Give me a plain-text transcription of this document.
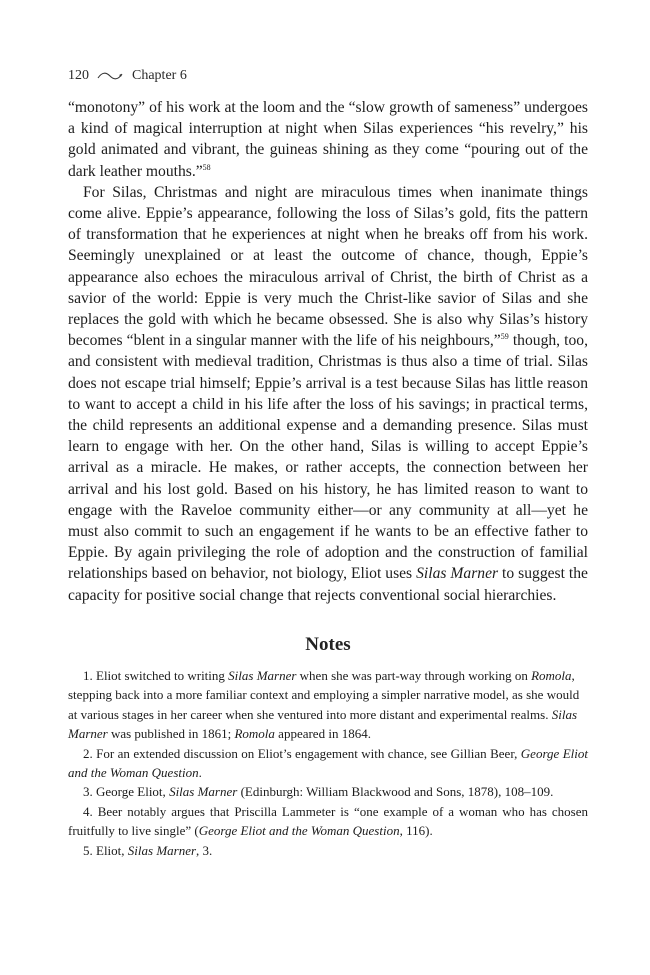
120	Chapter 6

“monotony” of his work at the loom and the “slow growth of sameness” undergoes a kind of magical interruption at night when Silas experiences “his revelry,” his gold animated and vibrant, the guineas shining as they come “pouring out of the dark leather mouths.”$^{58}$

For Silas, Christmas and night are miraculous times when inanimate things come alive. Eppie’s appearance, following the loss of Silas’s gold, fits the pattern of transformation that he experiences at night when he breaks off from his work. Seemingly unexplained or at least the outcome of chance, though, Eppie’s appearance also echoes the miraculous arrival of Christ, the birth of Christ as a savior of the world: Eppie is very much the Christ-like savior of Silas and she replaces the gold with which he became obsessed. She is also why Silas’s history becomes “blent in a singular manner with the life of his neighbours,”$^{59}$ though, too, and consistent with medieval tradition, Christmas is thus also a time of trial. Silas does not escape trial himself; Eppie’s arrival is a test because Silas has little reason to want to accept a child in his life after the loss of his savings; in practical terms, the child represents an additional expense and a demanding presence. Silas must learn to engage with her. On the other hand, Silas is willing to accept Eppie’s arrival as a miracle. He makes, or rather accepts, the connection between her arrival and his lost gold. Based on his history, he has limited reason to want to engage with the Raveloe community either—or any community at all—yet he must also commit to such an engagement if he wants to be an effective father to Eppie. By again privileging the role of adoption and the construction of familial relationships based on behavior, not biology, Eliot uses Silas Marner to suggest the capacity for positive social change that rejects conventional social hierarchies.

Notes

1. Eliot switched to writing Silas Marner when she was part-way through working on Romola, stepping back into a more familiar context and employing a simpler narrative model, as she would at various stages in her career when she ventured into more distant and experimental realms. Silas Marner was published in 1861; Romola appeared in 1864.

2. For an extended discussion on Eliot’s engagement with chance, see Gillian Beer, George Eliot and the Woman Question.

3. George Eliot, Silas Marner (Edinburgh: William Blackwood and Sons, 1878), 108–109.

4. Beer notably argues that Priscilla Lammeter is “one example of a woman who has chosen fruitfully to live single” (George Eliot and the Woman Question, 116).

5. Eliot, Silas Marner, 3.
